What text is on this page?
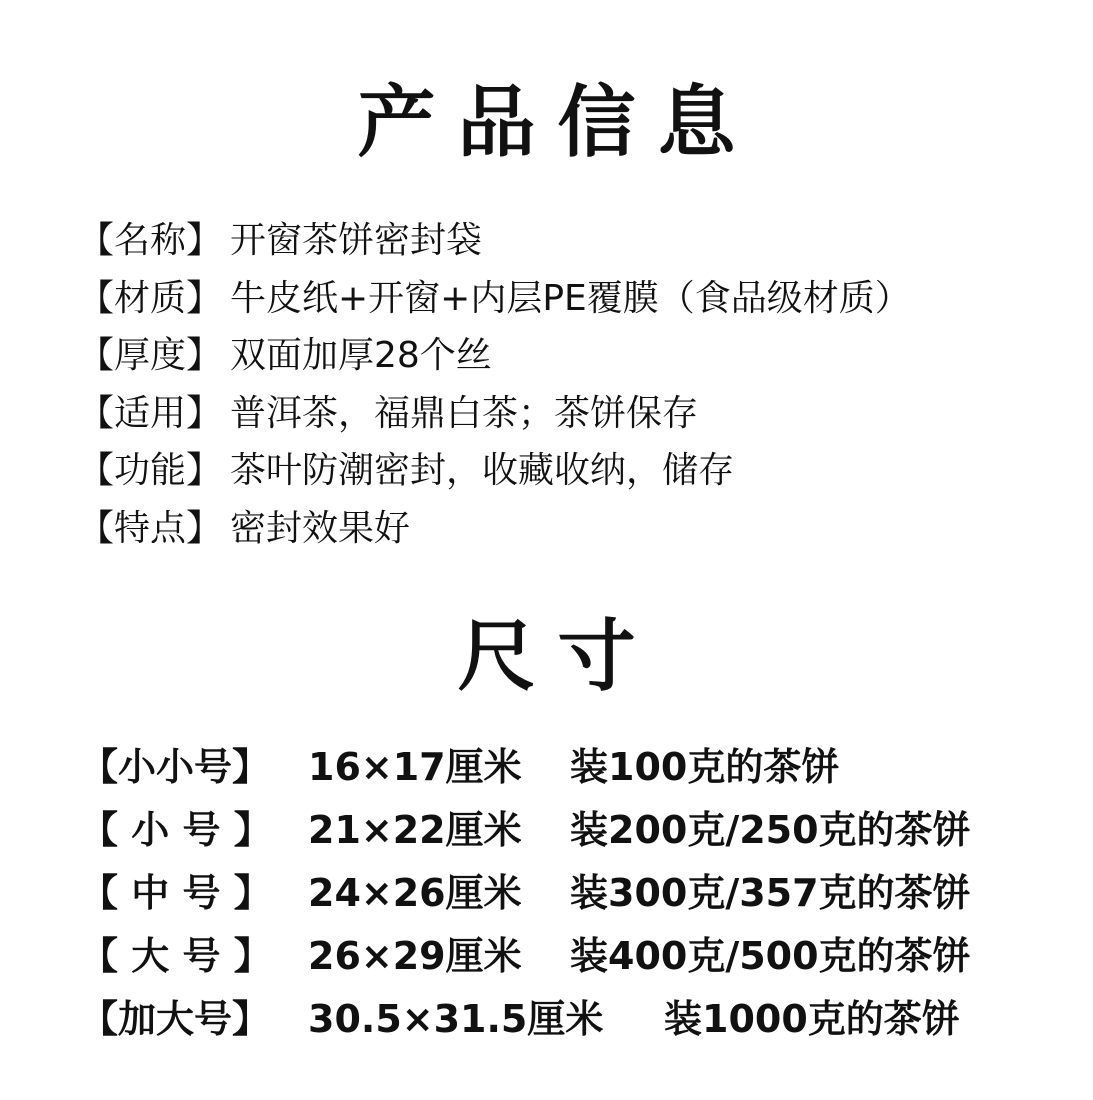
产品信息
【名称】 开窗茶饼密封袋
【材质】 牛皮纸+开窗+内层PE覆膜（食品级材质）
【厚度】 双面加厚28个丝
【适用】 普洱茶，福鼎白茶；茶饼保存
【功能】 茶叶防潮密封，收藏收纳，储存
【特点】 密封效果好
尺寸
【小小号】 16×17厘米 装100克的茶饼
【 小 号 】 21×22厘米 装200克/250克的茶饼
【 中 号 】 24×26厘米 装300克/357克的茶饼
【 大 号 】 26×29厘米 装400克/500克的茶饼
【加大号】 30.5×31.5厘米 装1000克的茶饼
